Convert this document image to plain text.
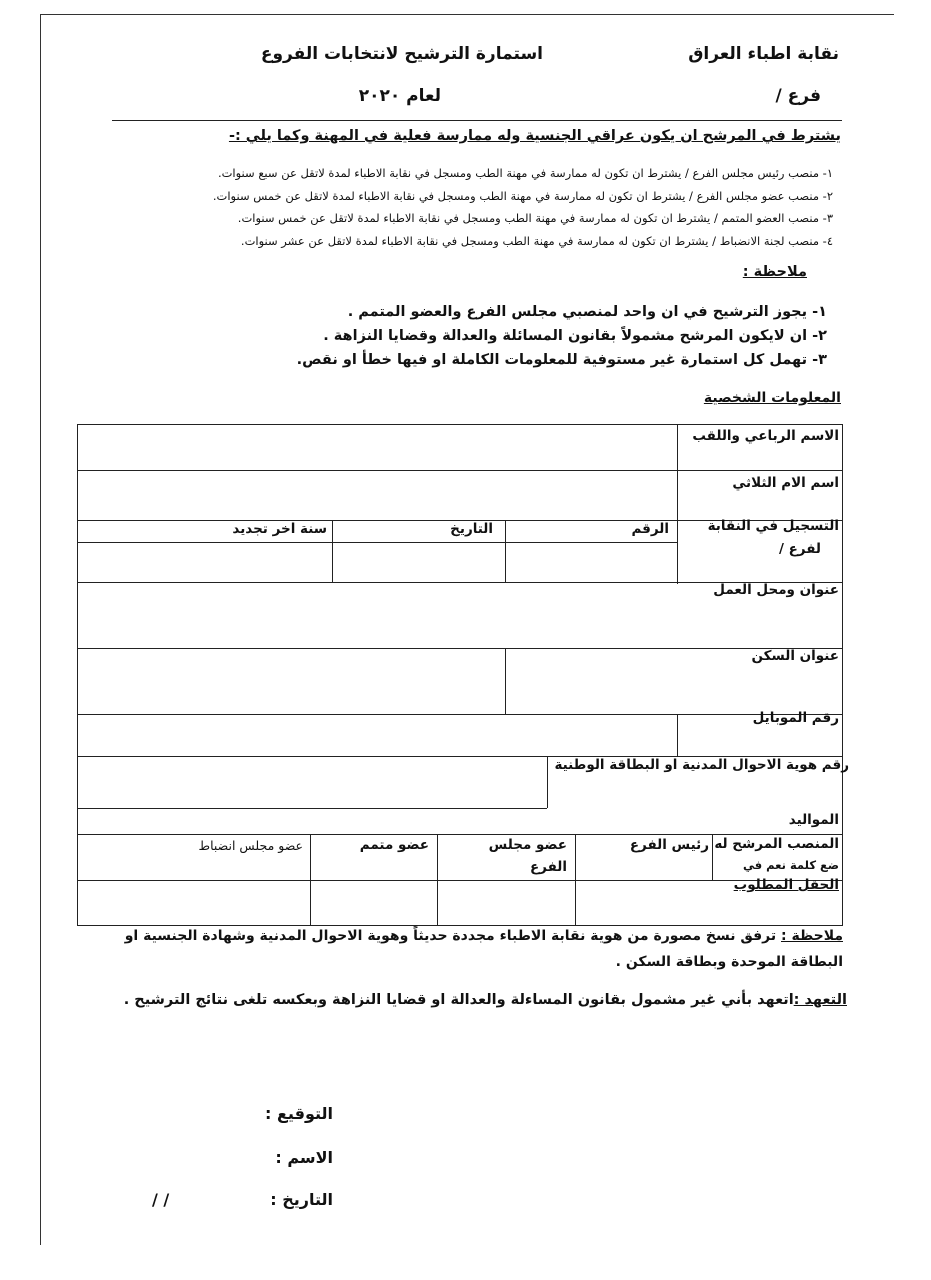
نقابة اطباء العراق
استمارة الترشيح لانتخابات الفروع
فرع /
لعام ٢٠٢٠
يشترط في المرشح ان يكون عراقي الجنسية وله ممارسة فعلية في المهنة وكما يلي :-
١- منصب رئيس مجلس الفرع / يشترط ان تكون له ممارسة في مهنة الطب ومسجل في نقابة الاطباء لمدة لاتقل عن سبع سنوات.
٢- منصب عضو مجلس الفرع / يشترط ان تكون له ممارسة في مهنة الطب ومسجل في نقابة الاطباء لمدة لاتقل عن خمس سنوات.
٣- منصب العضو المتمم / يشترط ان تكون له ممارسة في مهنة الطب ومسجل في نقابة الاطباء لمدة لاتقل عن خمس سنوات.
٤- منصب لجنة الانضباط / يشترط ان تكون له ممارسة في مهنة الطب ومسجل في نقابة الاطباء لمدة لاتقل عن عشر سنوات.
ملاحظة :
١- يجوز الترشيح في ان واحد لمنصبي مجلس الفرع والعضو المتمم .
٢- ان لايكون المرشح مشمولاً بقانون المسائلة والعدالة وقضايا النزاهة .
٣- تهمل كل استمارة غير مستوفية للمعلومات الكاملة او فيها خطأ او نقص.
المعلومات الشخصية
الاسم الرباعي واللقب
اسم الام الثلاثي
التسجيل في النقابة
لفرع /
الرقم
التاريخ
سنة اخر تجديد
عنوان ومحل العمل
عنوان السكن
رقم الموبايل
رقم هوية الاحوال المدنية او البطاقة الوطنية
المواليد
المنصب المرشح له
ضع كلمة نعم في
الحقل المطلوب
رئيس الفرع
عضو مجلس
الفرع
عضو متمم
عضو مجلس انضباط
ملاحظة : ترفق نسخ مصورة من هوية نقابة الاطباء مجددة حديثاً وهوية الاحوال المدنية وشهادة الجنسية او
البطاقة الموحدة وبطاقة السكن .
التعهد :اتعهد بأني غير مشمول بقانون المساءلة والعدالة او قضايا النزاهة وبعكسه تلغى نتائج الترشيح .
التوقيع :
الاسم :
التاريخ :
/ /
